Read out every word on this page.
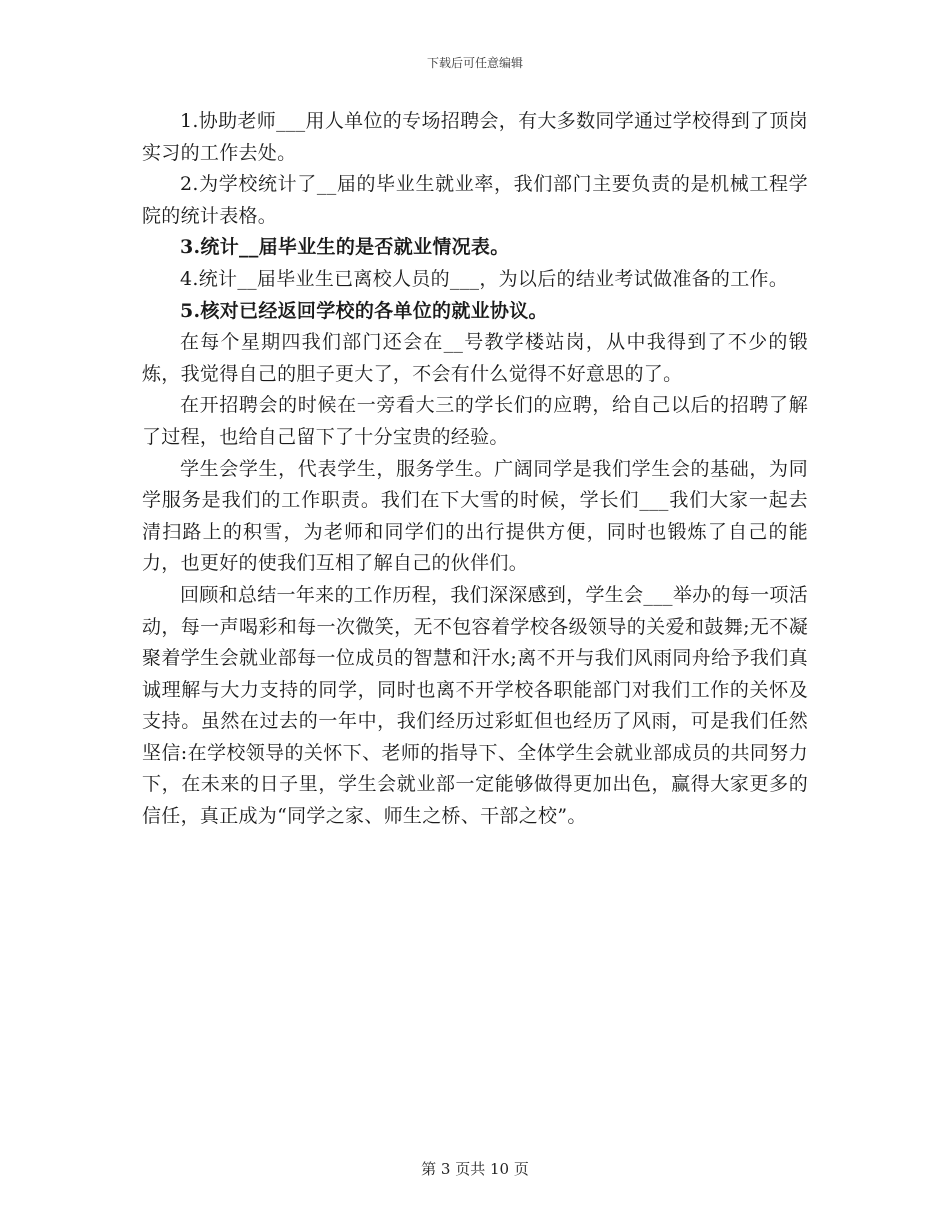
下载后可任意编辑

1.协助老师___用人单位的专场招聘会，有大多数同学通过学校得到了顶岗实习的工作去处。

2.为学校统计了__届的毕业生就业率，我们部门主要负责的是机械工程学院的统计表格。

3.统计__届毕业生的是否就业情况表。

4.统计__届毕业生已离校人员的___，为以后的结业考试做准备的工作。

5.核对已经返回学校的各单位的就业协议。

在每个星期四我们部门还会在__号教学楼站岗，从中我得到了不少的锻炼，我觉得自己的胆子更大了，不会有什么觉得不好意思的了。

在开招聘会的时候在一旁看大三的学长们的应聘，给自己以后的招聘了解了过程，也给自己留下了十分宝贵的经验。

学生会学生，代表学生，服务学生。广阔同学是我们学生会的基础，为同学服务是我们的工作职责。我们在下大雪的时候，学长们___我们大家一起去清扫路上的积雪，为老师和同学们的出行提供方便，同时也锻炼了自己的能力，也更好的使我们互相了解自己的伙伴们。

回顾和总结一年来的工作历程，我们深深感到，学生会___举办的每一项活动，每一声喝彩和每一次微笑，无不包容着学校各级领导的关爱和鼓舞;无不凝聚着学生会就业部每一位成员的智慧和汗水;离不开与我们风雨同舟给予我们真诚理解与大力支持的同学，同时也离不开学校各职能部门对我们工作的关怀及支持。虽然在过去的一年中，我们经历过彩虹但也经历了风雨，可是我们任然坚信:在学校领导的关怀下、老师的指导下、全体学生会就业部成员的共同努力下，在未来的日子里，学生会就业部一定能够做得更加出色，赢得大家更多的信任，真正成为“同学之家、师生之桥、干部之校”。

第 3 页共 10 页
